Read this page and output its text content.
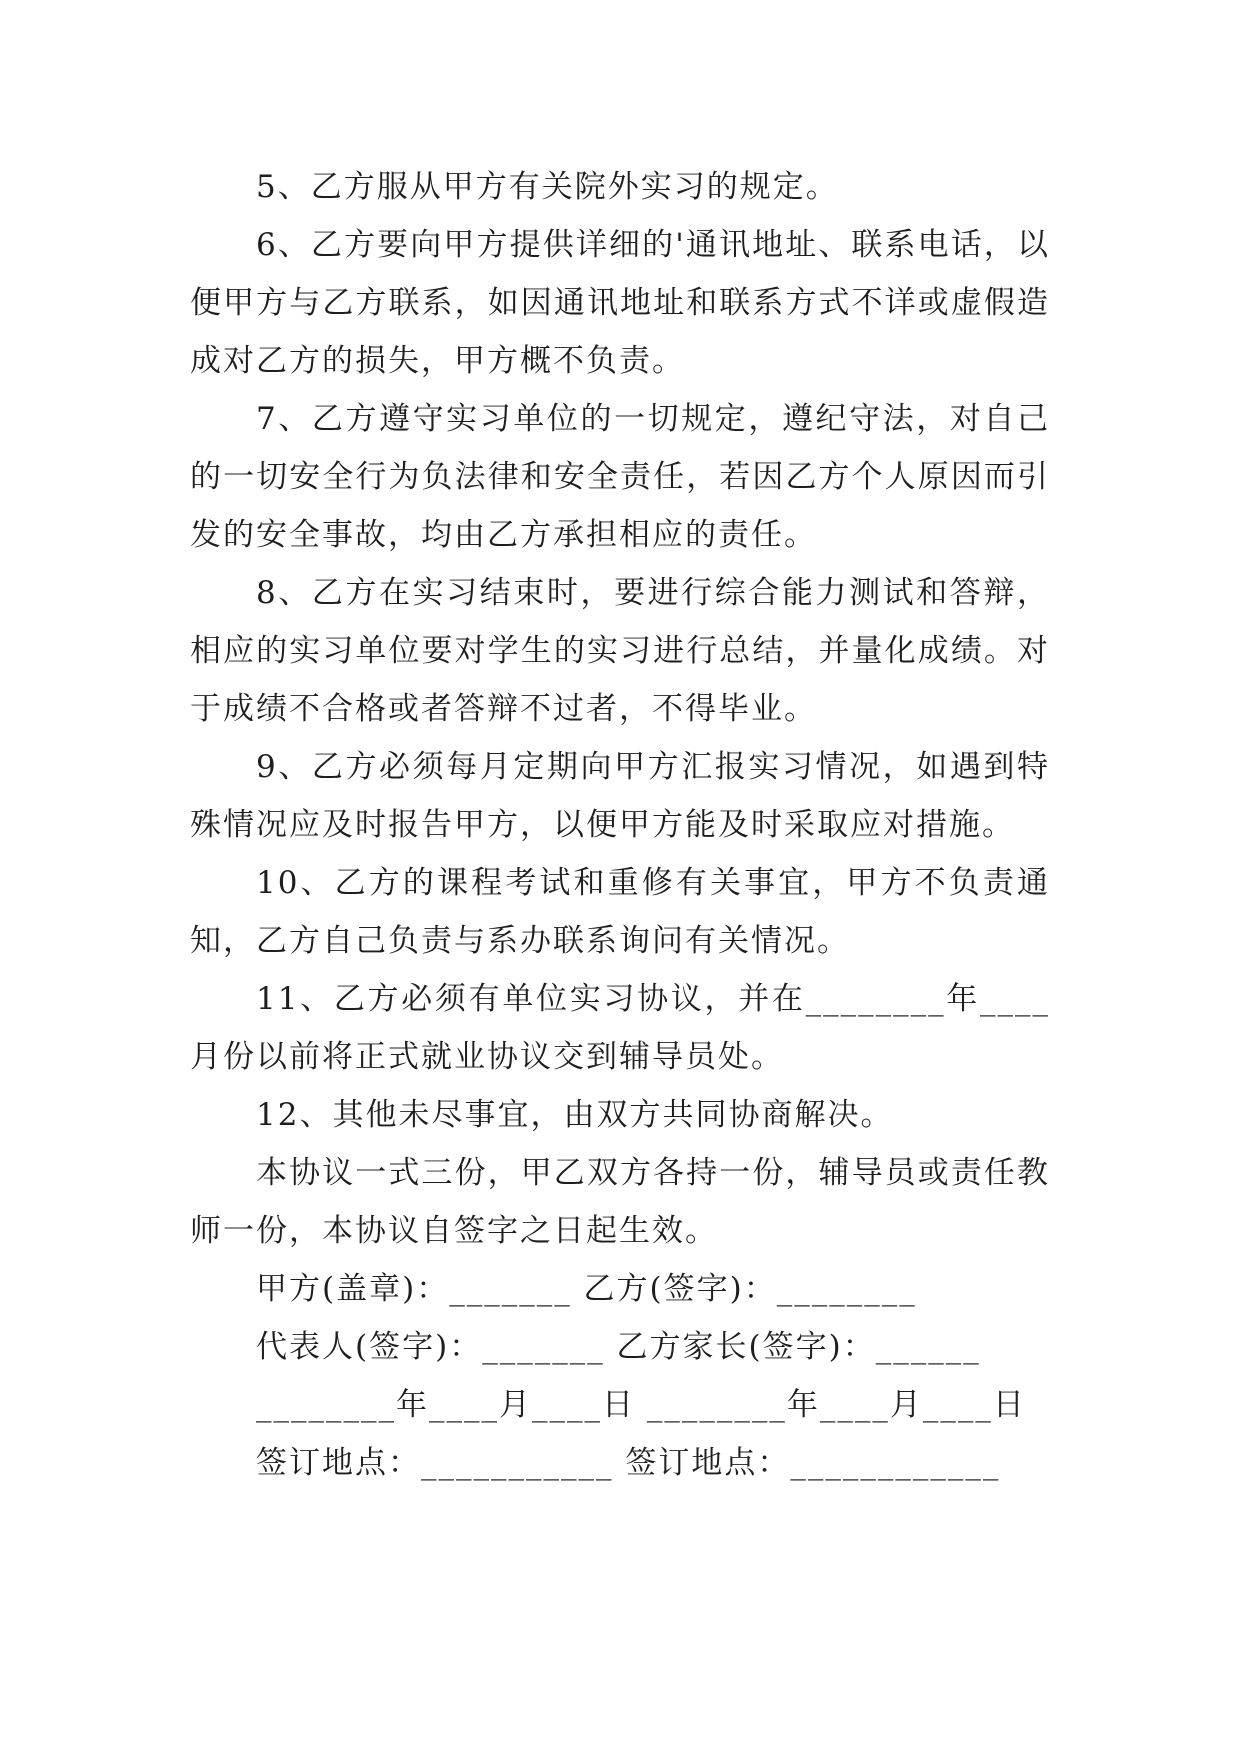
5、乙方服从甲方有关院外实习的规定。

6、乙方要向甲方提供详细的'通讯地址、联系电话，以便甲方与乙方联系，如因通讯地址和联系方式不详或虚假造成对乙方的损失，甲方概不负责。

7、乙方遵守实习单位的一切规定，遵纪守法，对自己的一切安全行为负法律和安全责任，若因乙方个人原因而引发的安全事故，均由乙方承担相应的责任。

8、乙方在实习结束时，要进行综合能力测试和答辩，相应的实习单位要对学生的实习进行总结，并量化成绩。对于成绩不合格或者答辩不过者，不得毕业。

9、乙方必须每月定期向甲方汇报实习情况，如遇到特殊情况应及时报告甲方，以便甲方能及时采取应对措施。

10、乙方的课程考试和重修有关事宜，甲方不负责通知，乙方自己负责与系办联系询问有关情况。

11、乙方必须有单位实习协议，并在________年____月份以前将正式就业协议交到辅导员处。

12、其他未尽事宜，由双方共同协商解决。

本协议一式三份，甲乙双方各持一份，辅导员或责任教师一份，本协议自签字之日起生效。

甲方(盖章)：_______ 乙方(签字)：________

代表人(签字)：_______ 乙方家长(签字)：______

________年____月____日 ________年____月____日

签订地点：___________ 签订地点：____________
